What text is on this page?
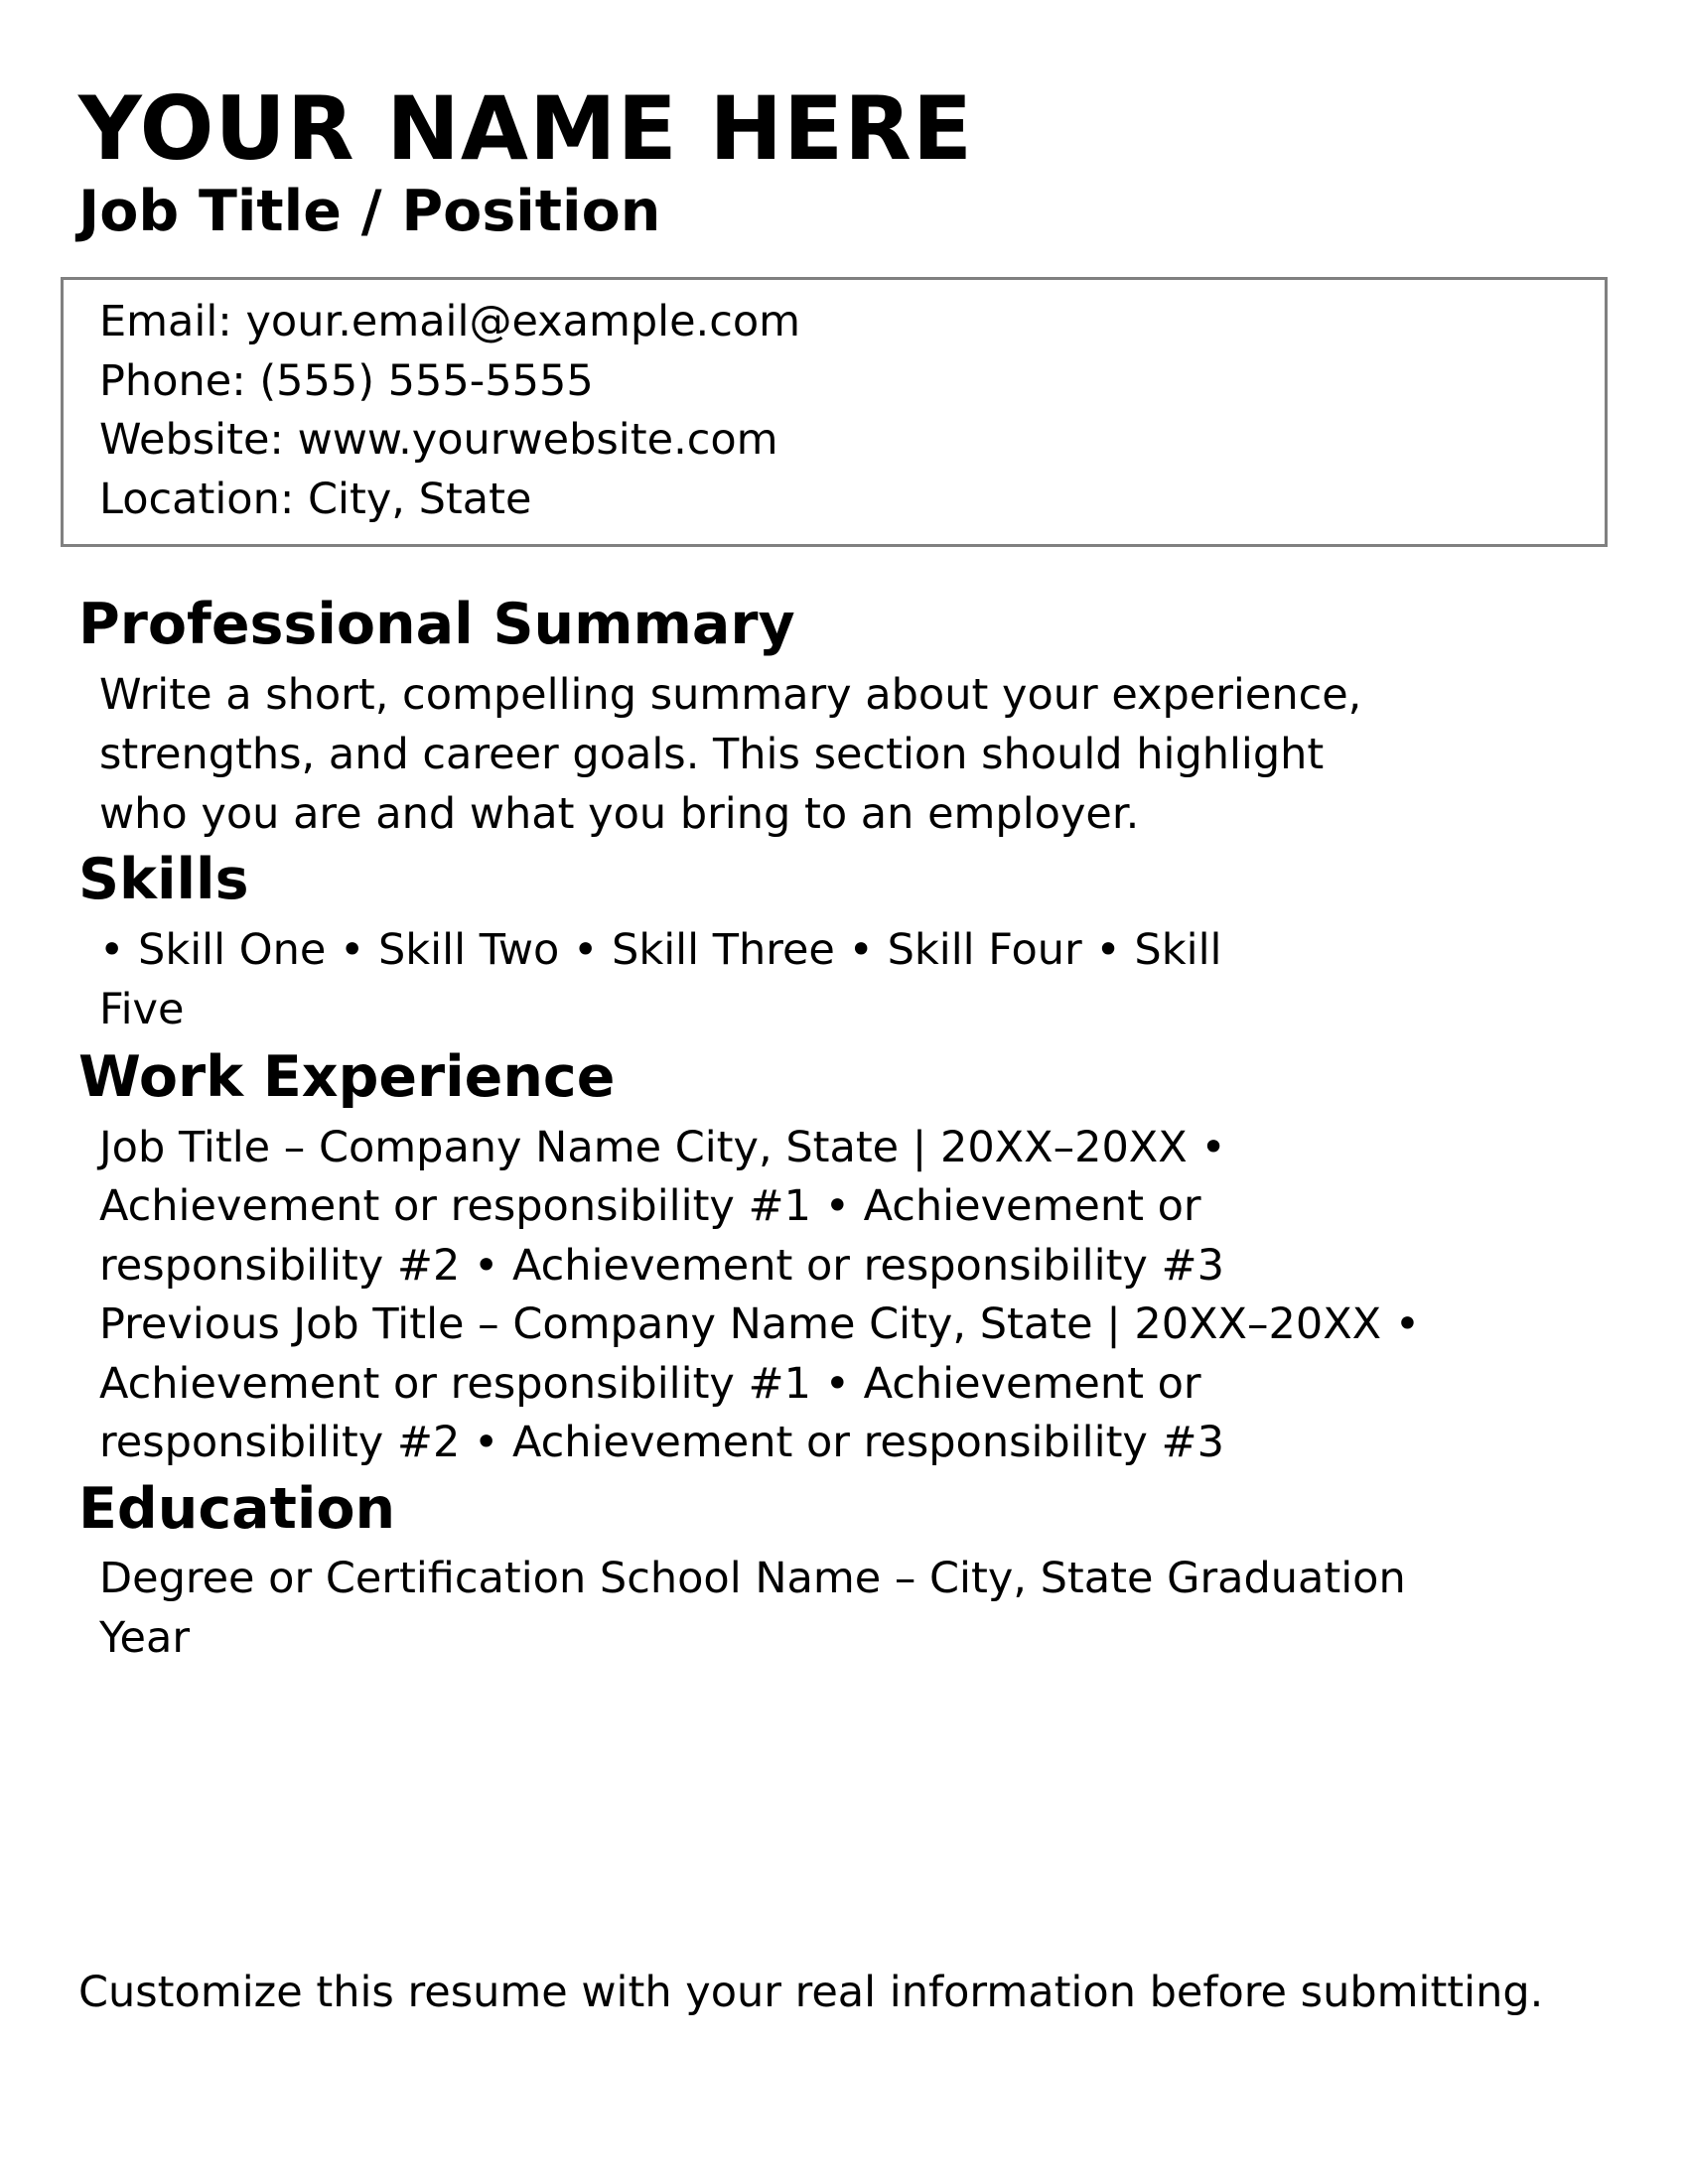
YOUR NAME HERE
Job Title / Position
Email: your.email@example.com
Phone: (555) 555-5555
Website: www.yourwebsite.com
Location: City, State
Professional Summary
Write a short, compelling summary about your experience,
strengths, and career goals. This section should highlight
who you are and what you bring to an employer.
Skills
• Skill One • Skill Two • Skill Three • Skill Four • Skill
Five
Work Experience
Job Title – Company Name City, State | 20XX–20XX •
Achievement or responsibility #1 • Achievement or
responsibility #2 • Achievement or responsibility #3
Previous Job Title – Company Name City, State | 20XX–20XX •
Achievement or responsibility #1 • Achievement or
responsibility #2 • Achievement or responsibility #3
Education
Degree or Certification School Name – City, State Graduation
Year
Customize this resume with your real information before submitting.
